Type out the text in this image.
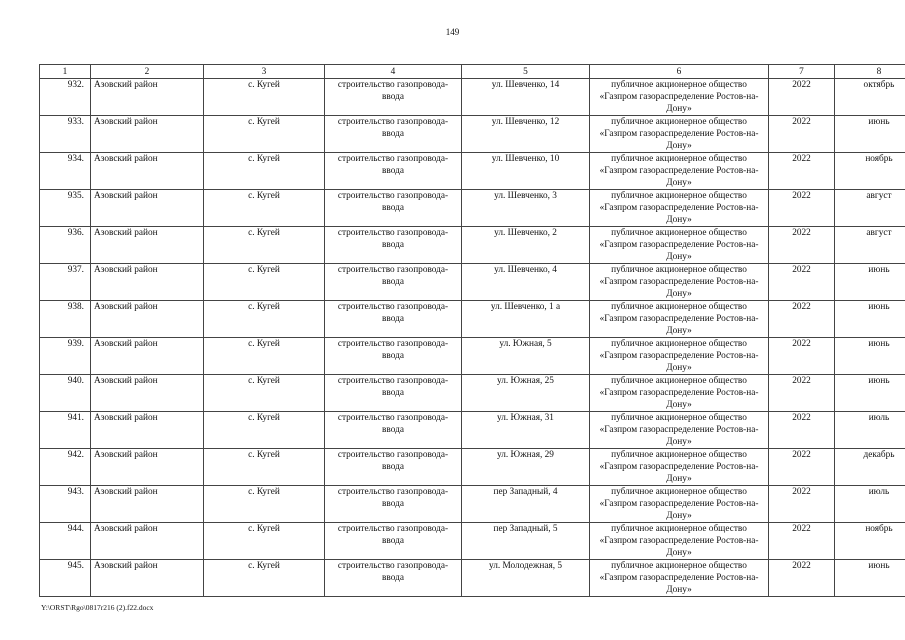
149
1	2	3	4	5	6	7	8
932.	Азовский район	с. Кугей	строительство газопровода-ввода	ул. Шевченко, 14	публичное акционерное общество «Газпром газораспределение Ростов-на-Дону»	2022	октябрь
933.	Азовский район	с. Кугей	строительство газопровода-ввода	ул. Шевченко, 12	публичное акционерное общество «Газпром газораспределение Ростов-на-Дону»	2022	июнь
934.	Азовский район	с. Кугей	строительство газопровода-ввода	ул. Шевченко, 10	публичное акционерное общество «Газпром газораспределение Ростов-на-Дону»	2022	ноябрь
935.	Азовский район	с. Кугей	строительство газопровода-ввода	ул. Шевченко, 3	публичное акционерное общество «Газпром газораспределение Ростов-на-Дону»	2022	август
936.	Азовский район	с. Кугей	строительство газопровода-ввода	ул. Шевченко, 2	публичное акционерное общество «Газпром газораспределение Ростов-на-Дону»	2022	август
937.	Азовский район	с. Кугей	строительство газопровода-ввода	ул. Шевченко, 4	публичное акционерное общество «Газпром газораспределение Ростов-на-Дону»	2022	июнь
938.	Азовский район	с. Кугей	строительство газопровода-ввода	ул. Шевченко, 1 а	публичное акционерное общество «Газпром газораспределение Ростов-на-Дону»	2022	июнь
939.	Азовский район	с. Кугей	строительство газопровода-ввода	ул. Южная, 5	публичное акционерное общество «Газпром газораспределение Ростов-на-Дону»	2022	июнь
940.	Азовский район	с. Кугей	строительство газопровода-ввода	ул. Южная, 25	публичное акционерное общество «Газпром газораспределение Ростов-на-Дону»	2022	июнь
941.	Азовский район	с. Кугей	строительство газопровода-ввода	ул. Южная, 31	публичное акционерное общество «Газпром газораспределение Ростов-на-Дону»	2022	июль
942.	Азовский район	с. Кугей	строительство газопровода-ввода	ул. Южная, 29	публичное акционерное общество «Газпром газораспределение Ростов-на-Дону»	2022	декабрь
943.	Азовский район	с. Кугей	строительство газопровода-ввода	пер Западный, 4	публичное акционерное общество «Газпром газораспределение Ростов-на-Дону»	2022	июль
944.	Азовский район	с. Кугей	строительство газопровода-ввода	пер Западный, 5	публичное акционерное общество «Газпром газораспределение Ростов-на-Дону»	2022	ноябрь
945.	Азовский район	с. Кугей	строительство газопровода-ввода	ул. Молодежная, 5	публичное акционерное общество «Газпром газораспределение Ростов-на-Дону»	2022	июнь
Y:\ORST\Rgo\0817r216 (2).f22.docx
